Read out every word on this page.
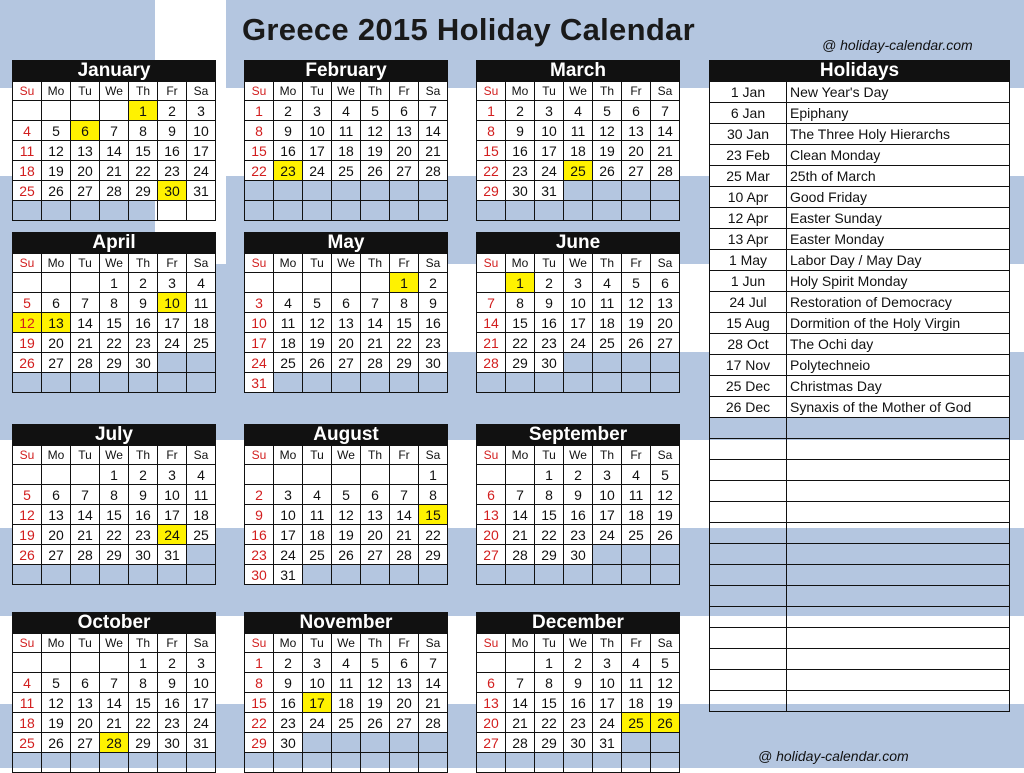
Greece 2015 Holiday Calendar	@ holiday-calendar.com
@ holiday-calendar.com
January
Su	Mo	Tu	We	Th	Fr	Sa
				1	2	3
4	5	6	7	8	9	10
11	12	13	14	15	16	17
18	19	20	21	22	23	24
25	26	27	28	29	30	31

February
Su	Mo	Tu	We	Th	Fr	Sa
1	2	3	4	5	6	7
8	9	10	11	12	13	14
15	16	17	18	19	20	21
22	23	24	25	26	27	28

March
Su	Mo	Tu	We	Th	Fr	Sa
1	2	3	4	5	6	7
8	9	10	11	12	13	14
15	16	17	18	19	20	21
22	23	24	25	26	27	28
29	30	31				

April
Su	Mo	Tu	We	Th	Fr	Sa
			1	2	3	4
5	6	7	8	9	10	11
12	13	14	15	16	17	18
19	20	21	22	23	24	25
26	27	28	29	30		

May
Su	Mo	Tu	We	Th	Fr	Sa
					1	2
3	4	5	6	7	8	9
10	11	12	13	14	15	16
17	18	19	20	21	22	23
24	25	26	27	28	29	30
31						
June
Su	Mo	Tu	We	Th	Fr	Sa
	1	2	3	4	5	6
7	8	9	10	11	12	13
14	15	16	17	18	19	20
21	22	23	24	25	26	27
28	29	30				

July
Su	Mo	Tu	We	Th	Fr	Sa
			1	2	3	4
5	6	7	8	9	10	11
12	13	14	15	16	17	18
19	20	21	22	23	24	25
26	27	28	29	30	31	

August
Su	Mo	Tu	We	Th	Fr	Sa
						1
2	3	4	5	6	7	8
9	10	11	12	13	14	15
16	17	18	19	20	21	22
23	24	25	26	27	28	29
30	31					
September
Su	Mo	Tu	We	Th	Fr	Sa
		1	2	3	4	5
6	7	8	9	10	11	12
13	14	15	16	17	18	19
20	21	22	23	24	25	26
27	28	29	30			

October
Su	Mo	Tu	We	Th	Fr	Sa
				1	2	3
4	5	6	7	8	9	10
11	12	13	14	15	16	17
18	19	20	21	22	23	24
25	26	27	28	29	30	31

November
Su	Mo	Tu	We	Th	Fr	Sa
1	2	3	4	5	6	7
8	9	10	11	12	13	14
15	16	17	18	19	20	21
22	23	24	25	26	27	28
29	30					

December
Su	Mo	Tu	We	Th	Fr	Sa
		1	2	3	4	5
6	7	8	9	10	11	12
13	14	15	16	17	18	19
20	21	22	23	24	25	26
27	28	29	30	31		

Holidays
1 Jan	New Year's Day
6 Jan	Epiphany
30 Jan	The Three Holy Hierarchs
23 Feb	Clean Monday
25 Mar	25th of March
10 Apr	Good Friday
12 Apr	Easter Sunday
13 Apr	Easter Monday
1 May	Labor Day / May Day
1 Jun	Holy Spirit Monday
24 Jul	Restoration of Democracy
15 Aug	Dormition of the Holy Virgin
28 Oct	The Ochi day
17 Nov	Polytechneio
25 Dec	Christmas Day
26 Dec	Synaxis of the Mother of God
